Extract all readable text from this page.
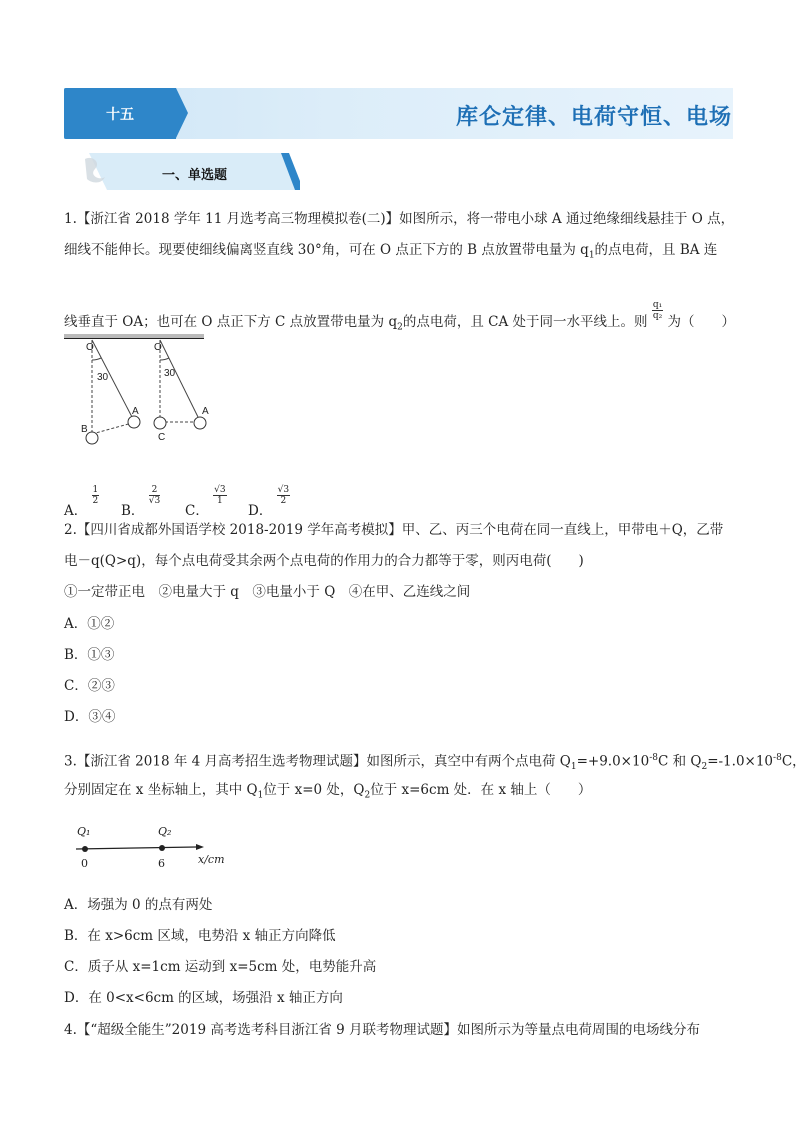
十五	库仑定律、电荷守恒、电场
一、单选题
1.【浙江省 2018 学年 11 月选考高三物理模拟卷(二)】如图所示，将一带电小球 A 通过绝缘细线悬挂于 O 点，
细线不能伸长。现要使细线偏离竖直线 30°角，可在 O 点正下方的 B 点放置带电量为 $q_1$的点电荷，且 BA 连
线垂直于 OA；也可在 O 点正下方 C 点放置带电量为 $q_2$的点电荷，且 CA 处于同一水平线上。则
$\frac{\text{q₁}}{\text{q₂}}$
为（　　）
O	O
30	30
A	A
B
C
A．
$\frac{1}{2}$
B．
$\frac{2}{√3}$
C．
$\frac{√3}{1}$
D．
$\frac{√3}{2}$
2.【四川省成都外国语学校 2018-2019 学年高考模拟】甲、乙、丙三个电荷在同一直线上，甲带电＋Q，乙带
电－q(Q>q)，每个点电荷受其余两个点电荷的作用力的合力都等于零，则丙电荷(　　)
①一定带正电　②电量大于 q　③电量小于 Q　④在甲、乙连线之间
A．①②
B．①③
C．②③
D．③④
3.【浙江省 2018 年 4 月高考招生选考物理试题】如图所示，真空中有两个点电荷 $Q_1=+9.0\times 10^{-8}C$ 和 $Q_2=-1.0\times 10^{-8}C$，
分别固定在 x 坐标轴上，其中 $Q_1$位于 x=0 处，$Q_2$位于 x=6cm 处．在 x 轴上（　　）
Q₁	Q₂
0	6	x/cm
A．场强为 0 的点有两处
B．在 x>6cm 区域，电势沿 x 轴正方向降低
C．质子从 x=1cm 运动到 x=5cm 处，电势能升高
D．在 0<x<6cm 的区域，场强沿 x 轴正方向
4.【“超级全能生”2019 高考选考科目浙江省 9 月联考物理试题】如图所示为等量点电荷周围的电场线分布
